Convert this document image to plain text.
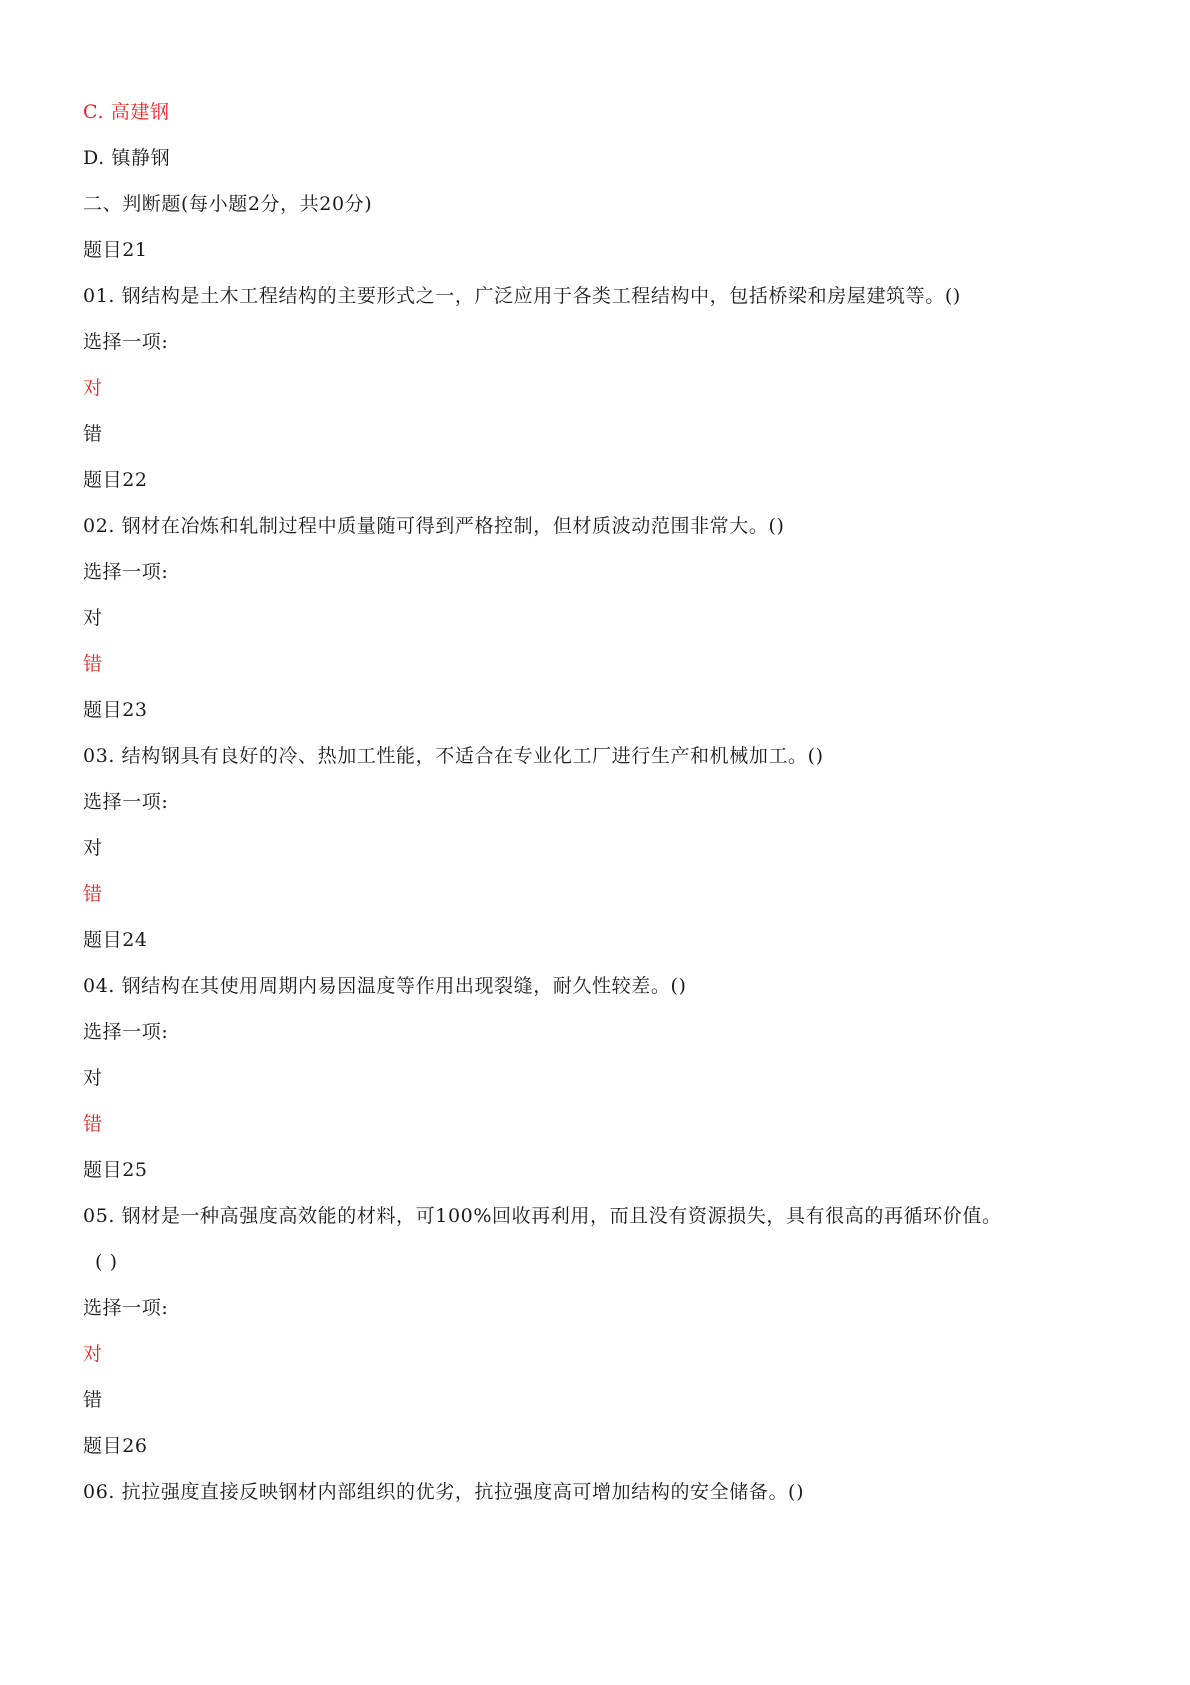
C. 高建钢
D. 镇静钢
二、判断题(每小题2分，共20分)
题目21
01. 钢结构是土木工程结构的主要形式之一，广泛应用于各类工程结构中，包括桥梁和房屋建筑等。()
选择一项:
对
错
题目22
02. 钢材在冶炼和轧制过程中质量随可得到严格控制，但材质波动范围非常大。()
选择一项:
对
错
题目23
03. 结构钢具有良好的冷、热加工性能，不适合在专业化工厂进行生产和机械加工。()
选择一项:
对
错
题目24
04. 钢结构在其使用周期内易因温度等作用出现裂缝，耐久性较差。()
选择一项:
对
错
题目25
05. 钢材是一种高强度高效能的材料，可100%回收再利用，而且没有资源损失，具有很高的再循环价值。
( )
选择一项:
对
错
题目26
06. 抗拉强度直接反映钢材内部组织的优劣，抗拉强度高可增加结构的安全储备。()
